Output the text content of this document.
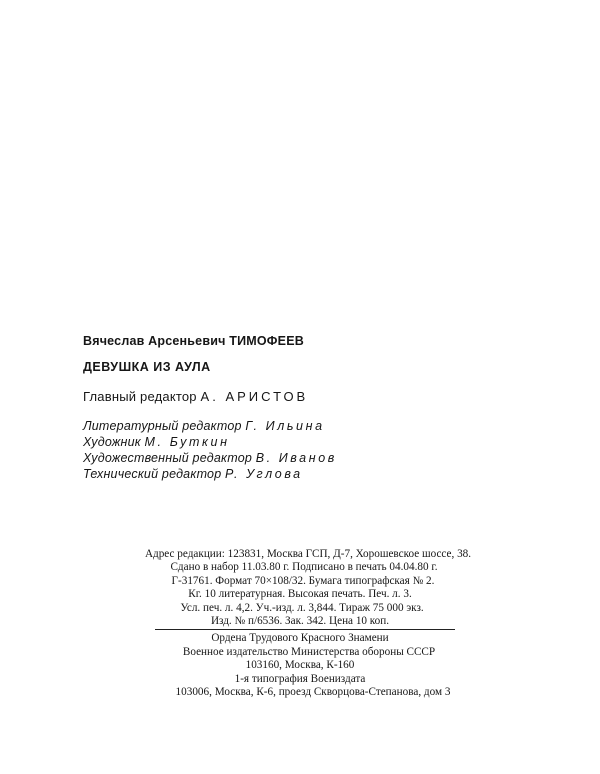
Вячеслав Арсеньевич ТИМОФЕЕВ
ДЕВУШКА ИЗ АУЛА
Главный редактор А. АРИСТОВ
Литературный редактор Г. Ильина
Художник М. Буткин
Художественный редактор В. Иванов
Технический редактор Р. Углова
Адрес редакции: 123831, Москва ГСП, Д-7, Хорошевское шоссе, 38.
Сдано в набор 11.03.80 г. Подписано в печать 04.04.80 г.
Г-31761. Формат 70×108/32. Бумага типографская № 2.
Кг. 10 литературная. Высокая печать. Печ. л. 3.
Усл. печ. л. 4,2. Уч.-изд. л. 3,844. Тираж 75 000 экз.
Изд. № п/6536. Зак. 342. Цена 10 коп.
Ордена Трудового Красного Знамени
Военное издательство Министерства обороны СССР
103160, Москва, К-160
1-я типография Воениздата
103006, Москва, К-6, проезд Скворцова-Степанова, дом 3
